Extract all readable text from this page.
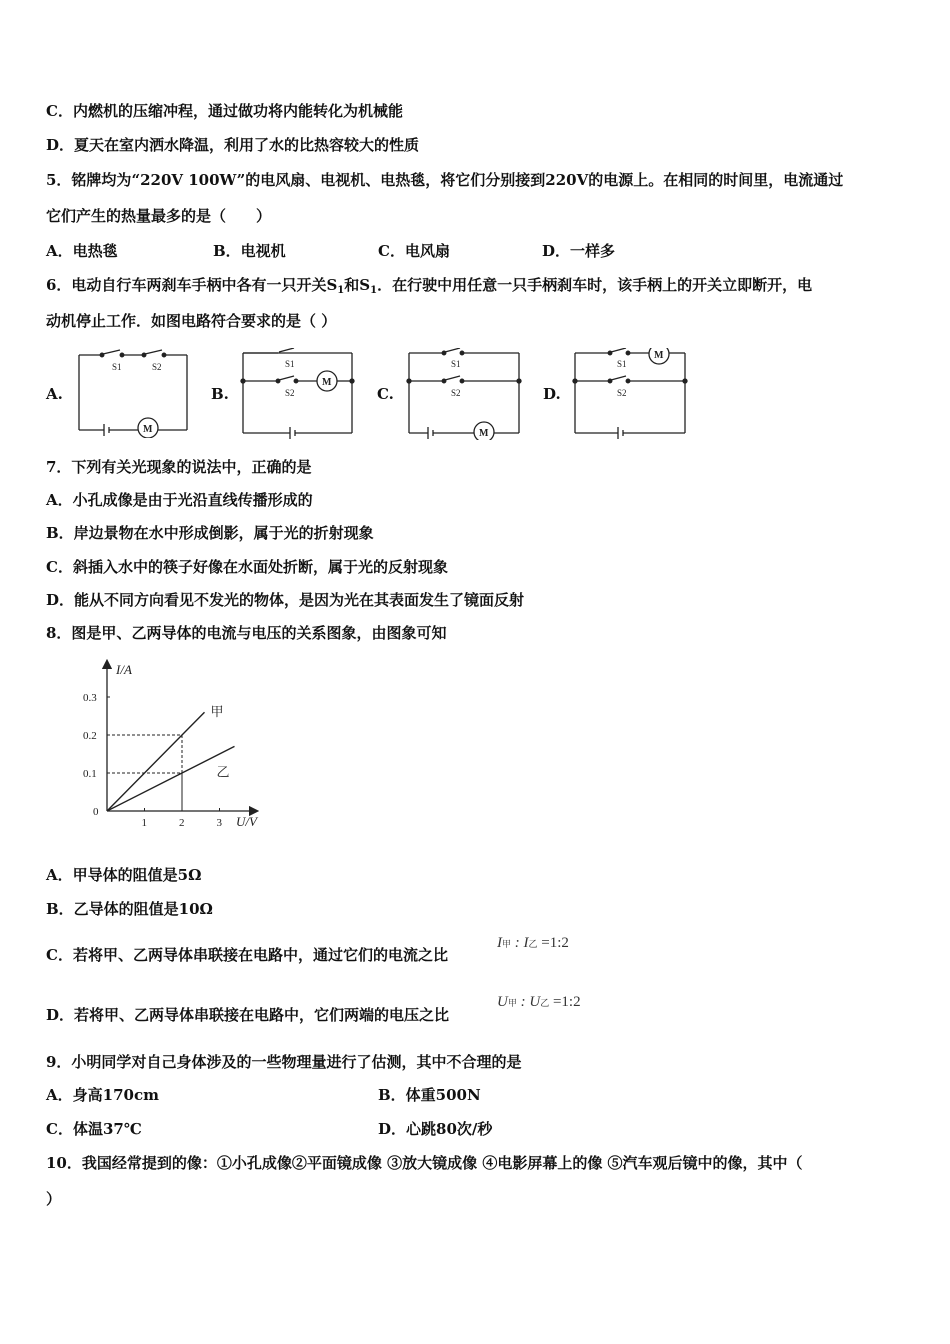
C．内燃机的压缩冲程，通过做功将内能转化为机械能
D．夏天在室内洒水降温，利用了水的比热容较大的性质
5．铭牌均为“220V 100W”的电风扇、电视机、电热毯，将它们分别接到220V的电源上。在相同的时间里，电流通过
它们产生的热量最多的是（　　）
A．电热毯	B．电视机	C．电风扇	D．一样多
6．电动自行车两刹车手柄中各有一只开关$S_1$和$S_1$．在行驶中用任意一只手柄刹车时，该手柄上的开关立即断开，电
动机停止工作．如图电路符合要求的是（ ）
A.
S1	S2
M
B.
S1
S2
M
C.
S1
S2
M
D.
S1
S2
M
7．下列有关光现象的说法中，正确的是
A．小孔成像是由于光沿直线传播形成的
B．岸边景物在水中形成倒影，属于光的折射现象
C．斜插入水中的筷子好像在水面处折断，属于光的反射现象
D．能从不同方向看见不发光的物体，是因为光在其表面发生了镜面反射
8．图是甲、乙两导体的电流与电压的关系图象，由图象可知
0
1	2	3
0.1
0.2
0.3
I/A
U/V
甲
乙
A．甲导体的阻值是5Ω
B．乙导体的阻值是10Ω
C．若将甲、乙两导体串联接在电路中，通过它们的电流之比
I甲 : I乙 =1:2
D．若将甲、乙两导体串联接在电路中，它们两端的电压之比
U甲 : U乙 =1:2
9．小明同学对自己身体涉及的一些物理量进行了估测，其中不合理的是
A．身高170cm	B．体重500N
C．体温37℃	D．心跳80次/秒
10．我国经常提到的像：①小孔成像②平面镜成像 ③放大镜成像 ④电影屏幕上的像 ⑤汽车观后镜中的像，其中（
）
